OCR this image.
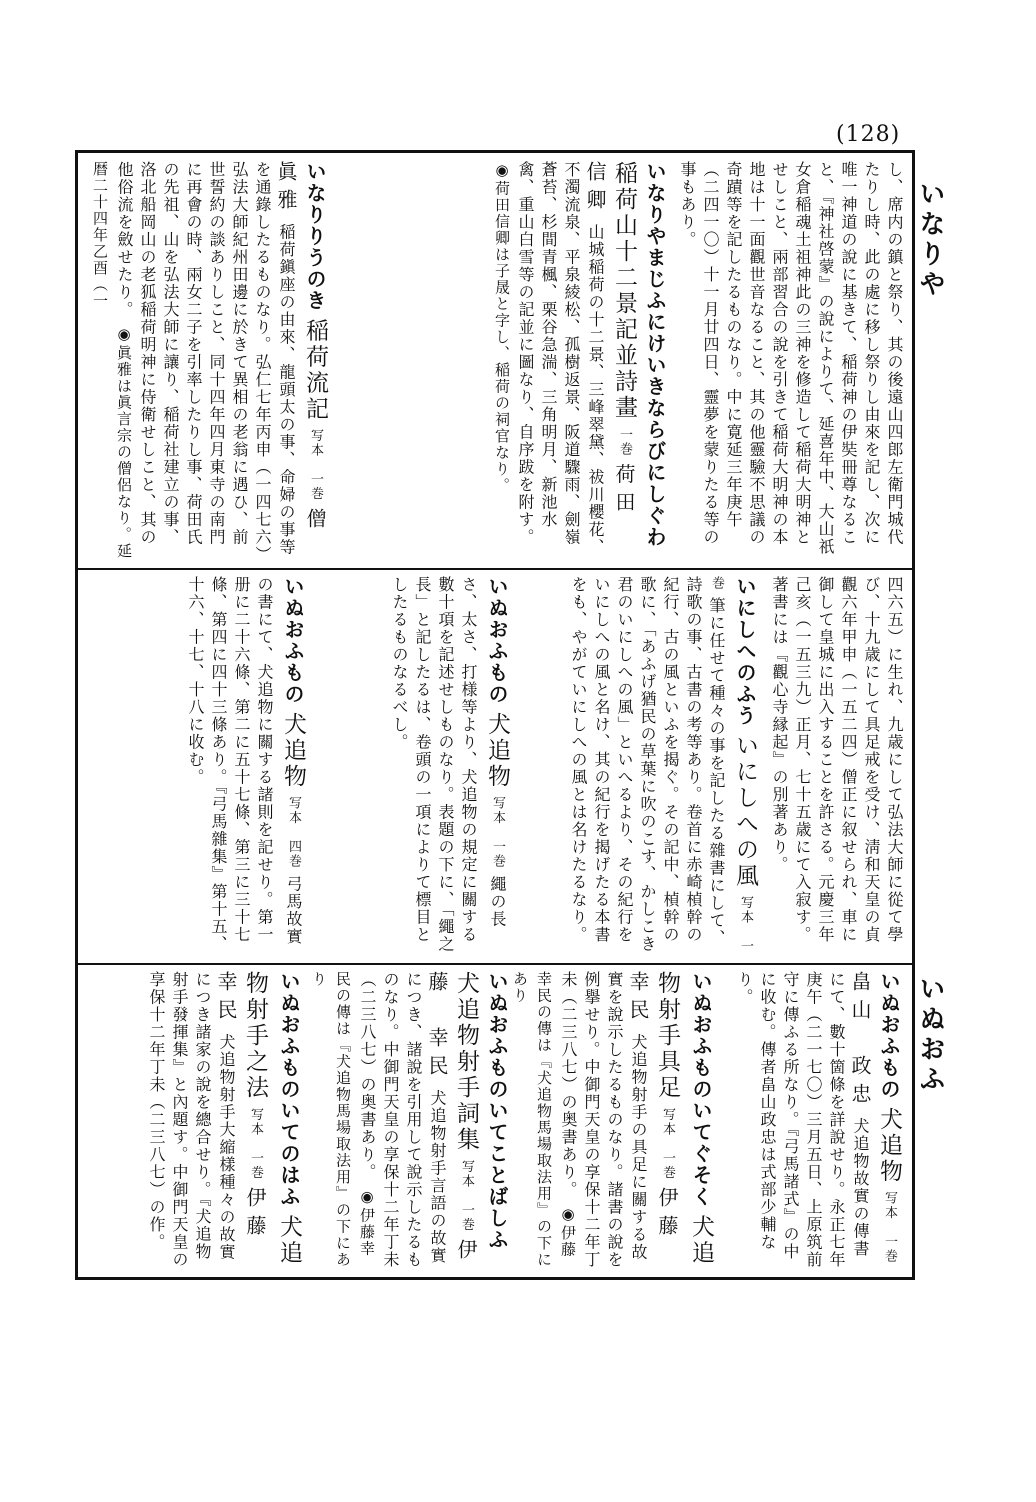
(128)
いなりや
いぬおふ
し、席内の鎮と祭り、其の後遠山四郎左衛門城代たりし時、此の處に移し祭りし由來を記し、次に唯一神道の說に基きて、稲荷神の伊奘冊尊なること、『神社啓蒙』の說によりて、延喜年中、大山祇女倉稲魂土祖神此の三神を修造して稲荷大明神とせしこと、兩部習合の說を引きて稲荷大明神の本地は十一面觀世音なること、其の他靈驗不思議の奇蹟等を記したるものなり。中に寛延三年庚午（二四一〇）十一月廿四日、靈夢を蒙りたる等の事もあり。
いなりやまじふにけいきならびにしぐわ 稲荷山十二景記並詩畫 一巻 荷田　信卿 山城稲荷の十二景、三峰翠黛、祓川櫻花、不濁流泉、平泉綾松、孤樹返景、阪道驟雨、劍嶺蒼苔、杉間青楓、栗谷急湍、三角明月、新池水禽、重山白雪等の記並に圖なり、自序跋を附す。 ◉荷田信卿は子晟と字し、稲荷の祠官なり。
いなりりうのき 稲荷流記 写本　一巻 僧　眞雅 稲荷鎭座の由來、龍頭太の事、命婦の事等を通錄したるものなり。弘仁七年丙申（一四七六）弘法大師紀州田邊に於きて異相の老翁に遇ひ、前世誓約の談ありしこと、同十四年四月東寺の南門に再會の時、兩女二子を引率したりし事、荷田氏の先祖、山を弘法大師に讓り、稲荷社建立の事、洛北船岡山の老狐稲荷明神に侍衛せしこと、其の他俗流を斂せたり。 ◉眞雅は眞言宗の僧侶なり。延暦二十四年乙酉（一
四六五）に生れ、九歳にして弘法大師に從て學び、十九歳にして具足戒を受け、淸和天皇の貞觀六年甲申（一五二四）僧正に叙せられ、車に御して皇城に出入することを許さる。元慶三年己亥（一五三九）正月、七十五歳にて入寂す。著書には『觀心寺縁起』の別著あり。
いにしへのふう いにしへの風 写本　一巻 筆に任せて種々の事を記したる雜書にして、詩歌の事、古書の考等あり。卷首に赤崎楨幹の紀行、古の風といふを揭ぐ。その記中、楨幹の歌に、「あふげ猶民の草葉に吹のこす、かしこき君のいにしへの風」といへるより、その紀行をいにしへの風と名け、其の紀行を揭げたる本書をも、やがていにしへの風とは名けたるなり。
いぬおふもの 犬追物 写本　一巻 繩の長さ、太さ、打様等より、犬追物の規定に關する數十項を記述せしものなり。表題の下に、「繩之長」と記したるは、卷頭の一項によりて標目としたるものなるべし。
いぬおふもの 犬追物 写本　四巻 弓馬故實の書にて、犬追物に關する諸則を記せり。第一册に二十六條、第二に五十七條、第三に三十七條、第四に四十三條あり。『弓馬雜集』第十五、十六、十七、十八に收む。
いぬおふもの 犬追物 写本　一巻 畠山　政忠 犬追物故實の傳書にて、數十箇條を詳說せり。永正七年庚午（二一七〇）三月五日、上原筑前守に傳ふる所なり。『弓馬諸式』の中に收む。傳者畠山政忠は式部少輔なり。
いぬおふものいてぐそく 犬追物射手具足 写本　一巻 伊藤　幸民 犬追物射手の具足に關する故實を說示したるものなり。諸書の說を例擧せり。中御門天皇の享保十二年丁未（二三八七）の奥書あり。 ◉伊藤幸民の傳は『犬追物馬場取法用』の下にあり
いぬおふものいてことばしふ 犬追物射手詞集 写本　一巻 伊藤　幸民 犬追物射手言語の故實につき、諸說を引用して說示したるものなり。中御門天皇の享保十二年丁未（二三八七）の奥書あり。 ◉伊藤幸民の傳は『犬追物馬場取法用』の下にあり
いぬおふものいてのはふ 犬追物射手之法 写本　一巻 伊藤　幸民 犬追物射手大縮樣種々の故實につき諸家の說を總合せり。『犬追物射手發揮集』と內題す。中御門天皇の享保十二年丁未（二三八七）の作。
